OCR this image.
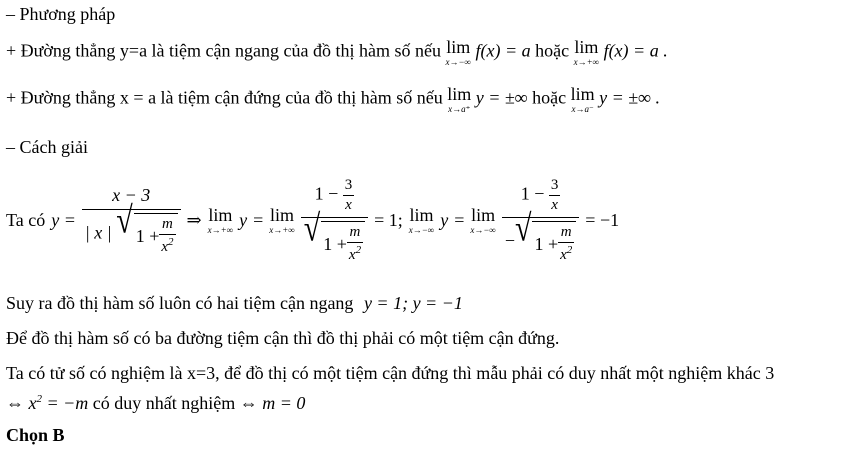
– Phương pháp
+ Đường thẳng y=a là tiệm cận ngang của đồ thị hàm số nếu lim
x→−∞
f(x) = a hoặc lim
x→+∞
f(x) = a .
+ Đường thẳng x = a là tiệm cận đứng của đồ thị hàm số nếu lim
x→a⁺
y = ±∞ hoặc lim
x→a⁻
y = ±∞ .
– Cách giải
Ta có $y = \frac{x - 3}{| x | √ 1 + \frac{m}{x^2}}$ ⇒ lim
x→+∞ y = lim
$x\to+\infty \frac{1 - \frac{3}{x}}{√ 1 + \frac{m}{x^2}} = 1$; lim
x→−∞ y = lim
$x\to-\infty \frac{1 - \frac{3}{x}}{- √ 1 + \frac{m}{x^2}} = -1$
Suy ra đồ thị hàm số luôn có hai tiệm cận ngang y = 1; y = −1
Để đồ thị hàm số có ba đường tiệm cận thì đồ thị phải có một tiệm cận đứng.
Ta có tử số có nghiệm là x=3, để đồ thị có một tiệm cận đứng thì mẫu phải có duy nhất một nghiệm khác 3
⇔ $x^2 = -m$ có duy nhất nghiệm ⇔ m = 0
Chọn B
